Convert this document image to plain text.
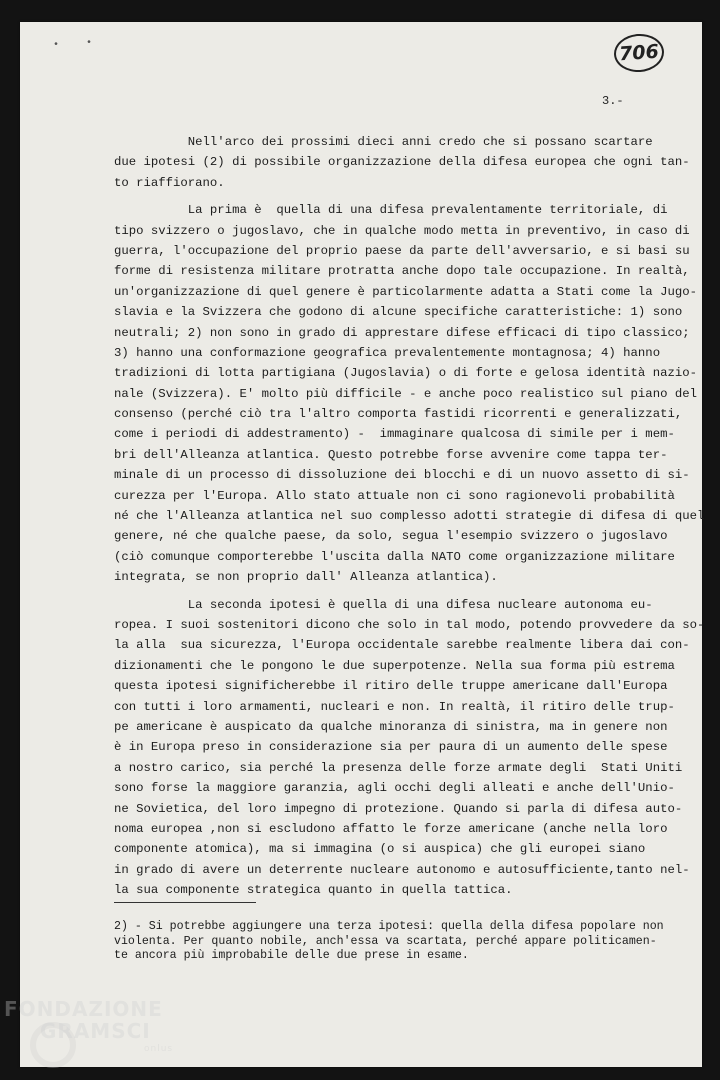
•	•	706
3.-
Nell'arco dei prossimi dieci anni credo che si possano scartare
due ipotesi (2) di possibile organizzazione della difesa europea che ogni tan-
to riaffiorano.
La prima è  quella di una difesa prevalentamente territoriale, di
tipo svizzero o jugoslavo, che in qualche modo metta in preventivo, in caso di
guerra, l'occupazione del proprio paese da parte dell'avversario, e si basi su
forme di resistenza militare protratta anche dopo tale occupazione. In realtà,
un'organizzazione di quel genere è particolarmente adatta a Stati come la Jugo-
slavia e la Svizzera che godono di alcune specifiche caratteristiche: 1) sono
neutrali; 2) non sono in grado di apprestare difese efficaci di tipo classico;
3) hanno una conformazione geografica prevalentemente montagnosa; 4) hanno
tradizioni di lotta partigiana (Jugoslavia) o di forte e gelosa identità nazio-
nale (Svizzera). E' molto più difficile - e anche poco realistico sul piano del
consenso (perché ciò tra l'altro comporta fastidi ricorrenti e generalizzati,
come i periodi di addestramento) -  immaginare qualcosa di simile per i mem-
bri dell'Alleanza atlantica. Questo potrebbe forse avvenire come tappa ter-
minale di un processo di dissoluzione dei blocchi e di un nuovo assetto di si-
curezza per l'Europa. Allo stato attuale non ci sono ragionevoli probabilità
né che l'Alleanza atlantica nel suo complesso adotti strategie di difesa di quel
genere, né che qualche paese, da solo, segua l'esempio svizzero o jugoslavo
(ciò comunque comporterebbe l'uscita dalla NATO come organizzazione militare
integrata, se non proprio dall' Alleanza atlantica).
La seconda ipotesi è quella di una difesa nucleare autonoma eu-
ropea. I suoi sostenitori dicono che solo in tal modo, potendo provvedere da so-
la alla  sua sicurezza, l'Europa occidentale sarebbe realmente libera dai con-
dizionamenti che le pongono le due superpotenze. Nella sua forma più estrema
questa ipotesi significherebbe il ritiro delle truppe americane dall'Europa
con tutti i loro armamenti, nucleari e non. In realtà, il ritiro delle trup-
pe americane è auspicato da qualche minoranza di sinistra, ma in genere non
è in Europa preso in considerazione sia per paura di un aumento delle spese
a nostro carico, sia perché la presenza delle forze armate degli  Stati Uniti
sono forse la maggiore garanzia, agli occhi degli alleati e anche dell'Unio-
ne Sovietica, del loro impegno di protezione. Quando si parla di difesa auto-
noma europea ,non si escludono affatto le forze americane (anche nella loro
componente atomica), ma si immagina (o si auspica) che gli europei siano
in grado di avere un deterrente nucleare autonomo e autosufficiente,tanto nel-
la sua componente strategica quanto in quella tattica.
2) - Si potrebbe aggiungere una terza ipotesi: quella della difesa popolare non
violenta. Per quanto nobile, anch'essa va scartata, perché appare politicamen-
te ancora più improbabile delle due prese in esame.
FONDAZIONE
GRAMSCI
onlus
